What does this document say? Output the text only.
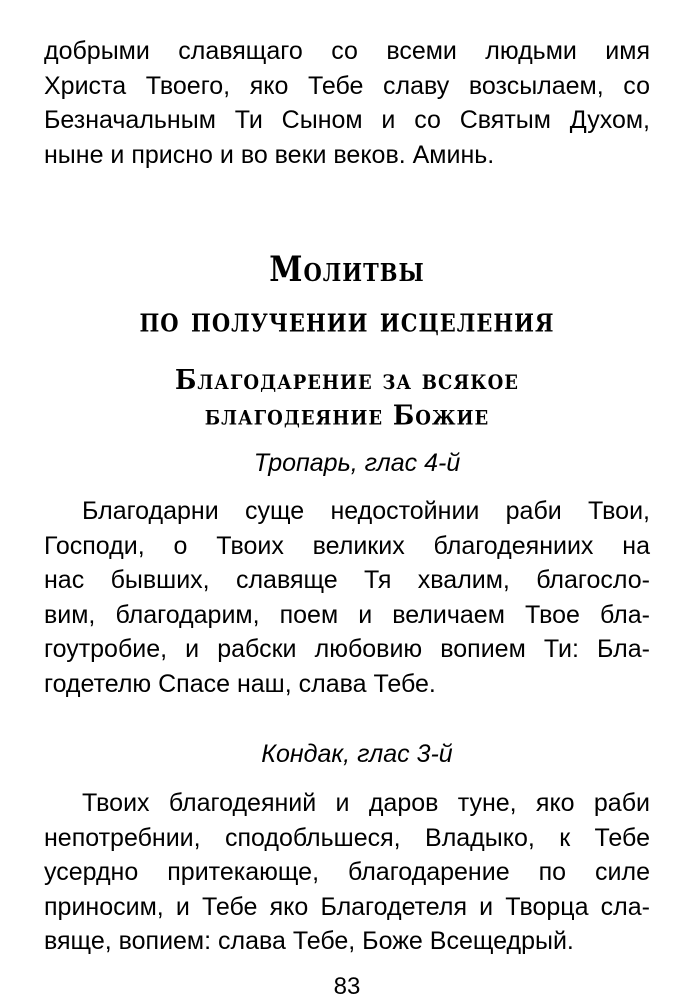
добрыми славящаго со всеми людьми имя
Христа Твоего, яко Тебе славу возсылаем, со
Безначальным Ти Сыном и со Святым Духом,
ныне и присно и во веки веков. Аминь.
Молитвы
по получении исцеления
Благодарение за всякое
благодеяние Божие

Тропарь, глас 4-й

Благодарни суще недостойнии раби Твои,
Господи, о Твоих великих благодеяниих на
нас бывших, славяще Тя хвалим, благосло-
вим, благодарим, поем и величаем Твое бла-
гоутробие, и рабски любовию вопием Ти: Бла-
годетелю Спасе наш, слава Тебе.

Кондак, глас 3-й

Твоих благодеяний и даров туне, яко раби
непотребнии, сподобльшеся, Владыко, к Тебе
усердно притекающе, благодарение по силе
приносим, и Тебе яко Благодетеля и Творца сла-
вяще, вопием: слава Тебе, Боже Всещедрый.

83
